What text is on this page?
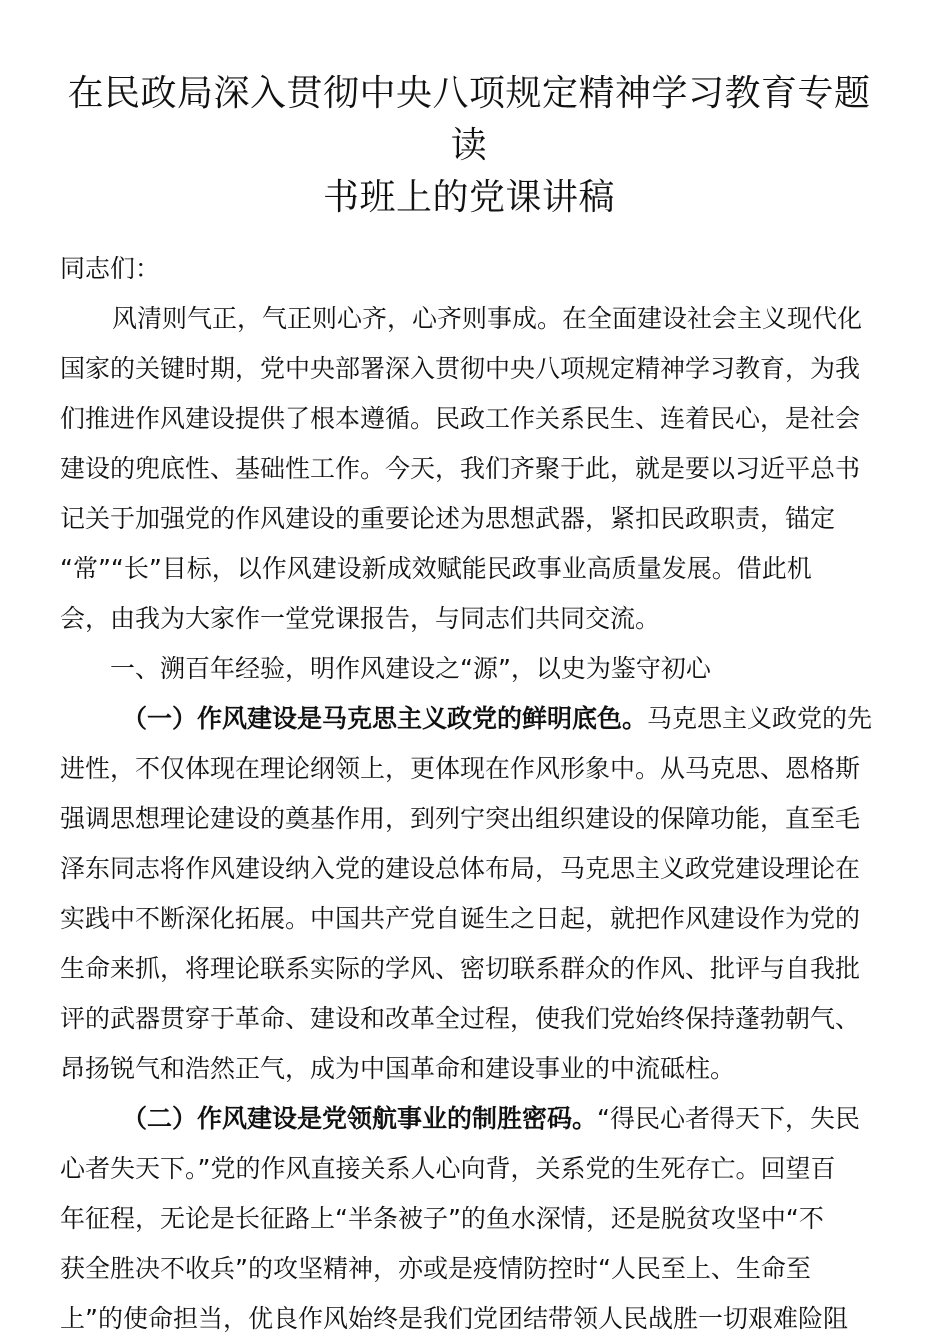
在民政局深入贯彻中央八项规定精神学习教育专题读
书班上的党课讲稿

同志们：

风清则气正，气正则心齐，心齐则事成。在全面建设社会主义现代化

国家的关键时期，党中央部署深入贯彻中央八项规定精神学习教育，为我

们推进作风建设提供了根本遵循。民政工作关系民生、连着民心，是社会

建设的兜底性、基础性工作。今天，我们齐聚于此，就是要以习近平总书

记关于加强党的作风建设的重要论述为思想武器，紧扣民政职责，锚定

“常”“长”目标，以作风建设新成效赋能民政事业高质量发展。借此机

会，由我为大家作一堂党课报告，与同志们共同交流。

一、溯百年经验，明作风建设之“源”，以史为鉴守初心

（一）作风建设是马克思主义政党的鲜明底色。马克思主义政党的先

进性，不仅体现在理论纲领上，更体现在作风形象中。从马克思、恩格斯

强调思想理论建设的奠基作用，到列宁突出组织建设的保障功能，直至毛

泽东同志将作风建设纳入党的建设总体布局，马克思主义政党建设理论在

实践中不断深化拓展。中国共产党自诞生之日起，就把作风建设作为党的

生命来抓，将理论联系实际的学风、密切联系群众的作风、批评与自我批

评的武器贯穿于革命、建设和改革全过程，使我们党始终保持蓬勃朝气、

昂扬锐气和浩然正气，成为中国革命和建设事业的中流砥柱。

（二）作风建设是党领航事业的制胜密码。“得民心者得天下，失民

心者失天下。”党的作风直接关系人心向背，关系党的生死存亡。回望百

年征程，无论是长征路上“半条被子”的鱼水深情，还是脱贫攻坚中“不

获全胜决不收兵”的攻坚精神，亦或是疫情防控时“人民至上、生命至

上”的使命担当，优良作风始终是我们党团结带领人民战胜一切艰难险阻
